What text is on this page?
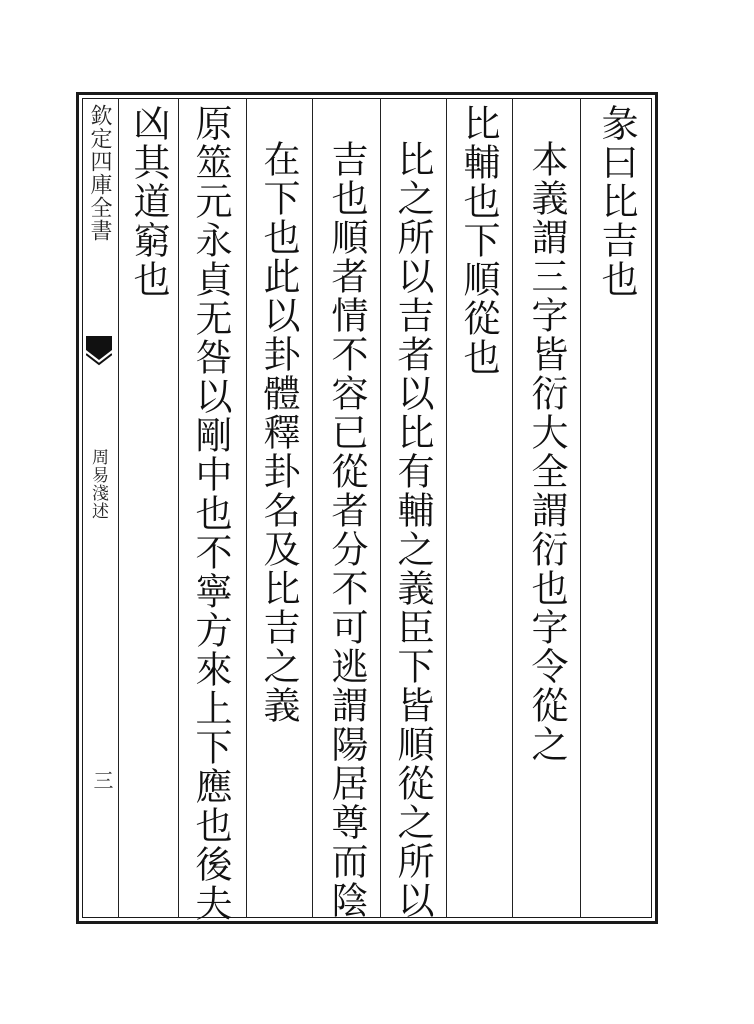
欽定四庫全書
周易淺述
三
彖曰比吉也
本義謂三字皆衍大全謂衍也字令從之
比輔也下順從也
比之所以吉者以比有輔之義臣下皆順從之所以
吉也順者情不容已從者分不可逃謂陽居尊而陰
在下也此以卦體釋卦名及比吉之義
原筮元永貞无咎以剛中也不寧方來上下應也後夫
凶其道窮也
